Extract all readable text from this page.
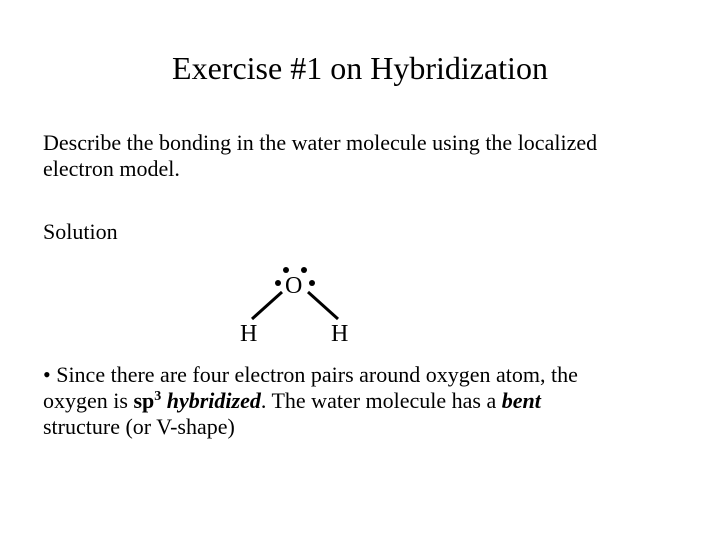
Exercise #1 on Hybridization
Describe the bonding in the water molecule using the localized
electron model.
Solution
O
H	H
• Since there are four electron pairs around oxygen atom, the
oxygen is $sp^3$ hybridized. The water molecule has a bent
structure (or V-shape)
